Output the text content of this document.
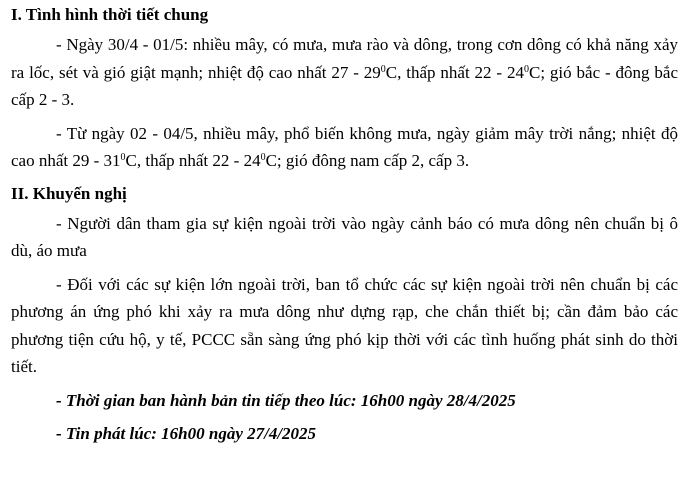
I. Tình hình thời tiết chung

- Ngày 30/4 - 01/5: nhiều mây, có mưa, mưa rào và dông, trong cơn dông có khả năng xảy ra lốc, sét và gió giật mạnh; nhiệt độ cao nhất $27 - 29^0C$, thấp nhất $22 - 24^0C$; gió bắc - đông bắc cấp 2 - 3.

- Từ ngày 02 - 04/5, nhiều mây, phổ biến không mưa, ngày giảm mây trời nắng; nhiệt độ cao nhất $29 - 31^0C$, thấp nhất $22 - 24^0C$; gió đông nam cấp 2, cấp 3.

II. Khuyến nghị

- Người dân tham gia sự kiện ngoài trời vào ngày cảnh báo có mưa dông nên chuẩn bị ô dù, áo mưa

- Đối với các sự kiện lớn ngoài trời, ban tổ chức các sự kiện ngoài trời nên chuẩn bị các phương án ứng phó khi xảy ra mưa dông như dựng rạp, che chắn thiết bị; cần đảm bảo các phương tiện cứu hộ, y tế, PCCC sẵn sàng ứng phó kịp thời với các tình huống phát sinh do thời tiết.

- Thời gian ban hành bản tin tiếp theo lúc: 16h00 ngày 28/4/2025

- Tin phát lúc: 16h00 ngày 27/4/2025
